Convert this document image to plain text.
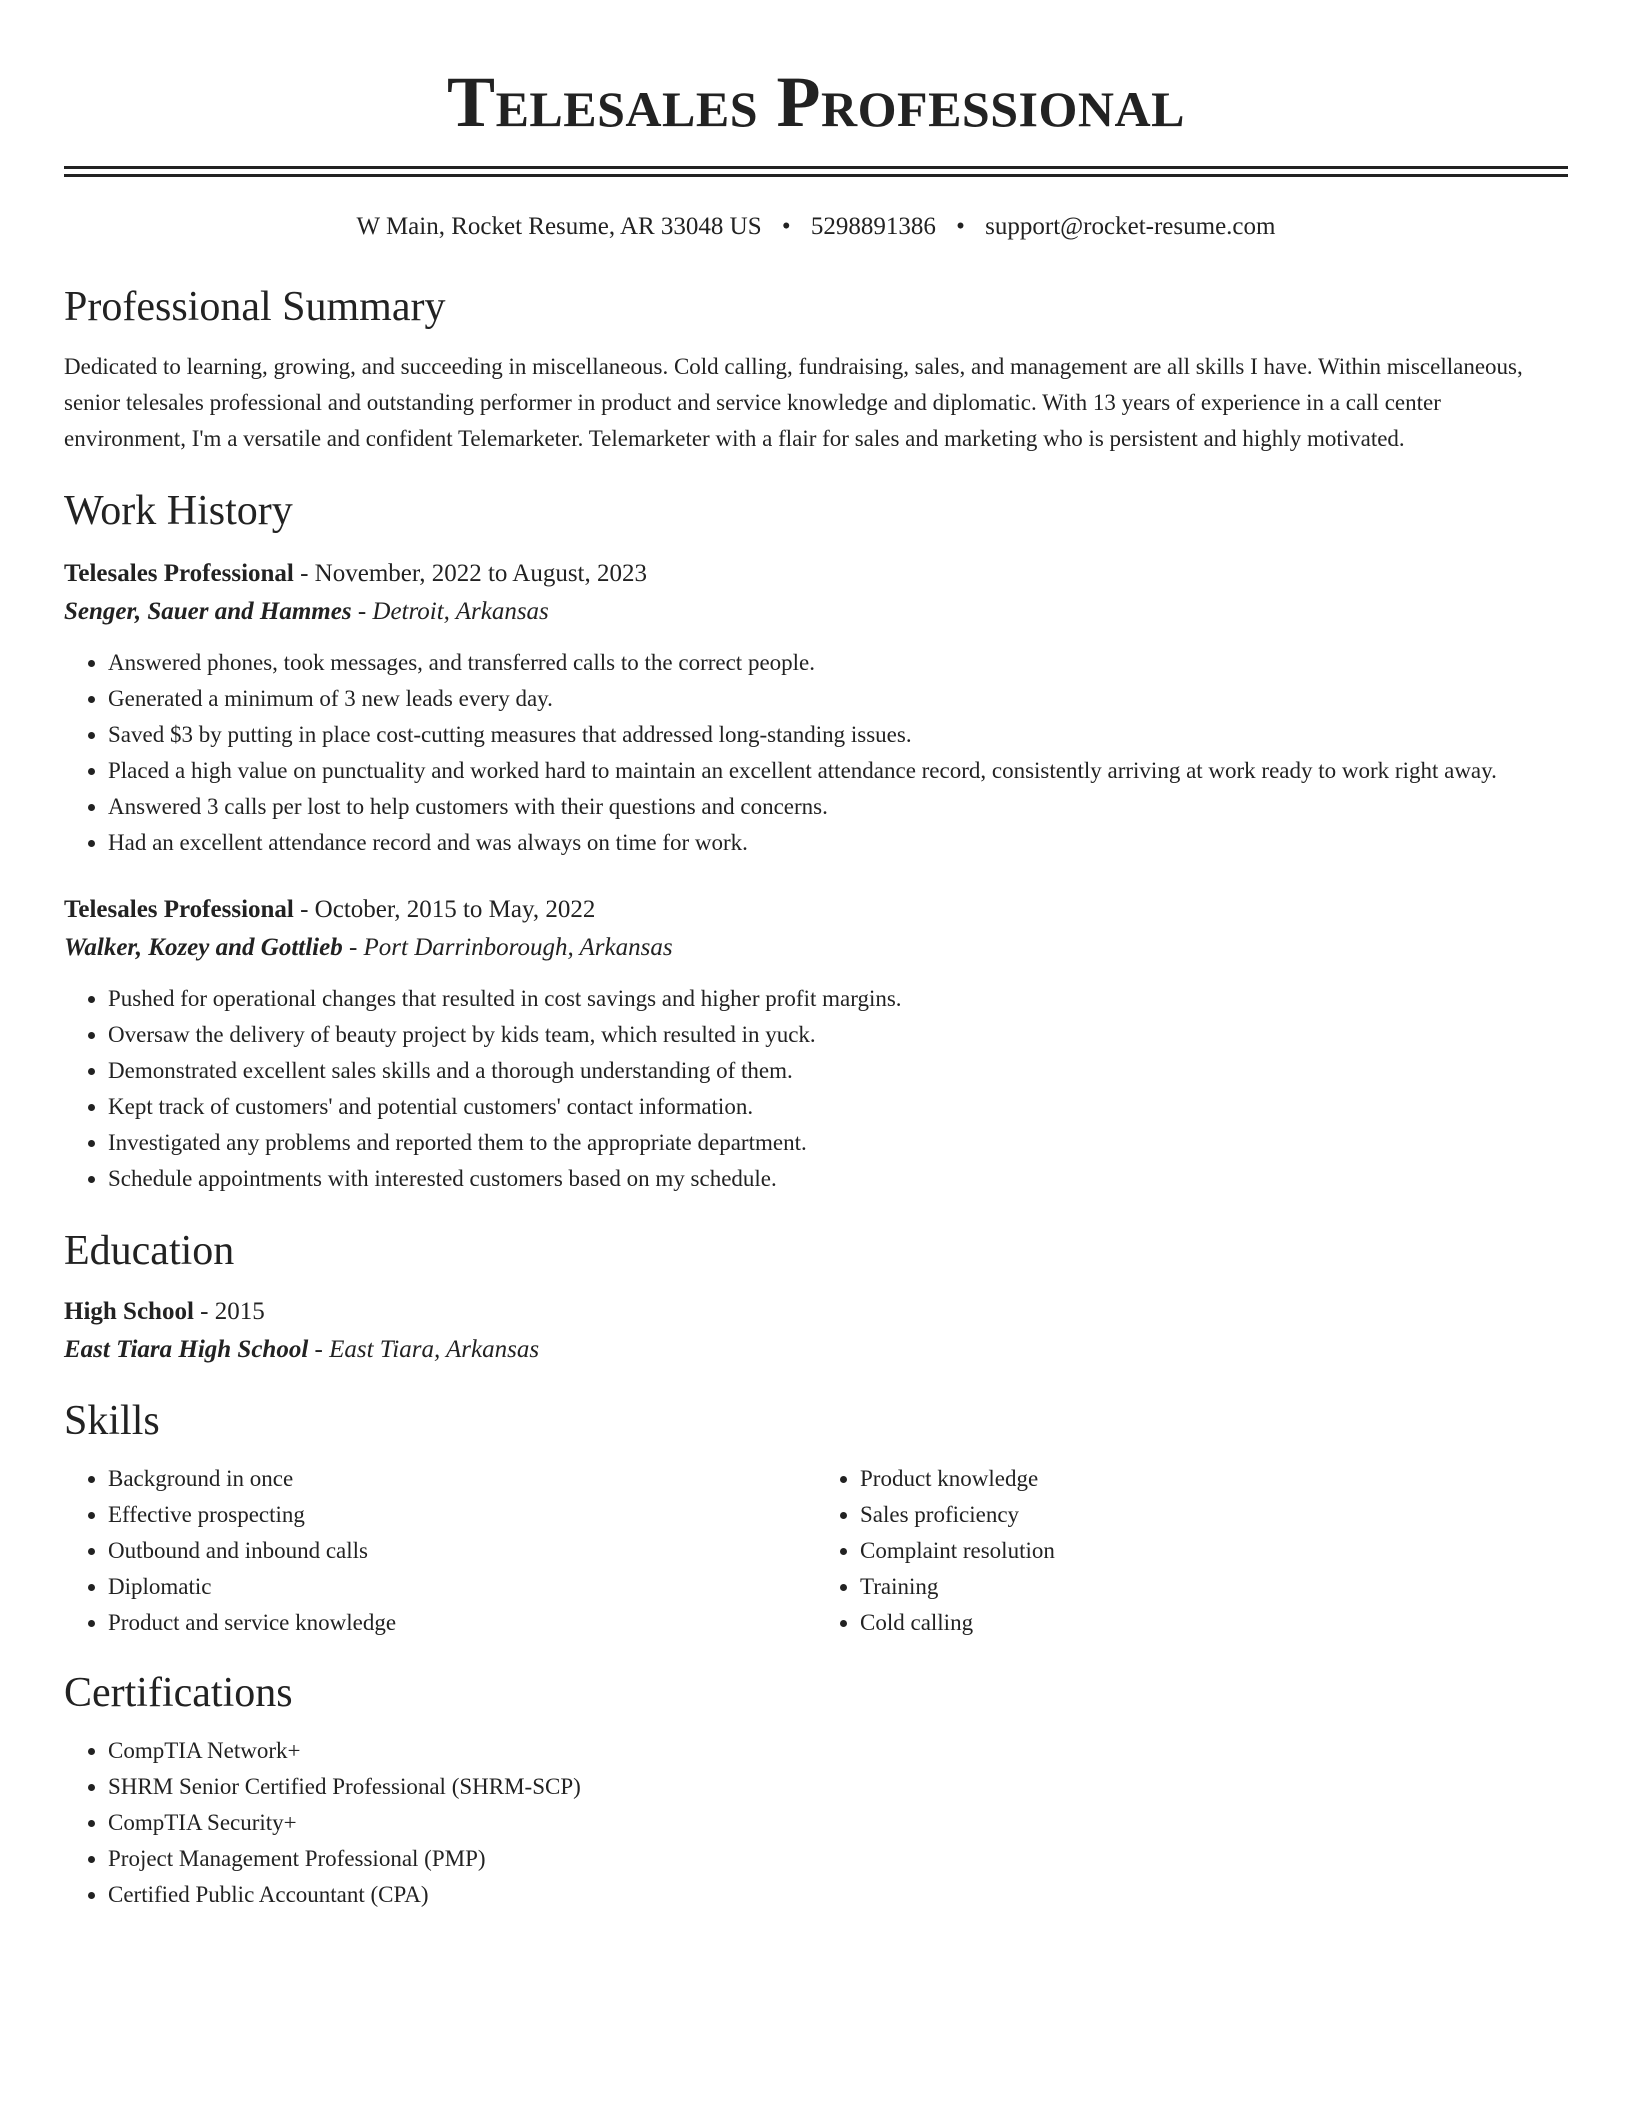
Telesales Professional
W Main, Rocket Resume, AR 33048 US • 5298891386 • support@rocket-resume.com
Professional Summary

Dedicated to learning, growing, and succeeding in miscellaneous. Cold calling, fundraising, sales, and management are all skills I have. Within miscellaneous, senior telesales professional and outstanding performer in product and service knowledge and diplomatic. With 13 years of experience in a call center environment, I'm a versatile and confident Telemarketer. Telemarketer with a flair for sales and marketing who is persistent and highly motivated.

Work History
Telesales Professional - November, 2022 to August, 2023
Senger, Sauer and Hammes - Detroit, Arkansas
• Answered phones, took messages, and transferred calls to the correct people.
• Generated a minimum of 3 new leads every day.
• Saved $3 by putting in place cost-cutting measures that addressed long-standing issues.
• Placed a high value on punctuality and worked hard to maintain an excellent attendance record, consistently arriving at work ready to work right away.
• Answered 3 calls per lost to help customers with their questions and concerns.
• Had an excellent attendance record and was always on time for work.
Telesales Professional - October, 2015 to May, 2022
Walker, Kozey and Gottlieb - Port Darrinborough, Arkansas
• Pushed for operational changes that resulted in cost savings and higher profit margins.
• Oversaw the delivery of beauty project by kids team, which resulted in yuck.
• Demonstrated excellent sales skills and a thorough understanding of them.
• Kept track of customers' and potential customers' contact information.
• Investigated any problems and reported them to the appropriate department.
• Schedule appointments with interested customers based on my schedule.
Education
High School - 2015
East Tiara High School - East Tiara, Arkansas
Skills
• Background in once
• Effective prospecting
• Outbound and inbound calls
• Diplomatic
• Product and service knowledge
• Product knowledge
• Sales proficiency
• Complaint resolution
• Training
• Cold calling
Certifications
• CompTIA Network+
• SHRM Senior Certified Professional (SHRM-SCP)
• CompTIA Security+
• Project Management Professional (PMP)
• Certified Public Accountant (CPA)
